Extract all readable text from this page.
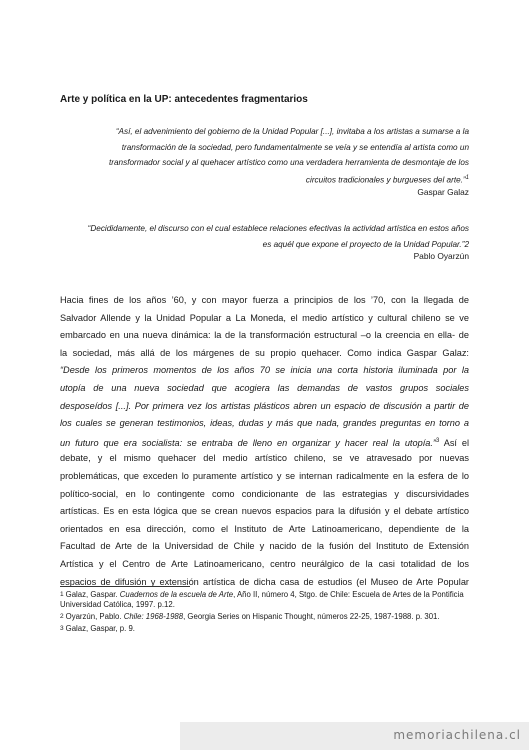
Arte y política en la UP: antecedentes fragmentarios
“Así, el advenimiento del gobierno de la Unidad Popular [...], invitaba a los artistas a sumarse a la
transformación de la sociedad, pero fundamentalmente se veía y se entendía al artista como un
transformador social y al quehacer artístico como una verdadera herramienta de desmontaje de los
circuitos tradicionales y burgueses del arte.”$^1$
Gaspar Galaz
“Decididamente, el discurso con el cual establece relaciones efectivas la actividad artística en estos años
es aquél que expone el proyecto de la Unidad Popular.”2
Pablo Oyarzún
Hacia fines de los años ’60, y con mayor fuerza a principios de los ’70, con la llegada de
Salvador Allende y la Unidad Popular a La Moneda, el medio artístico y cultural chileno se ve
embarcado en una nueva dinámica: la de la transformación estructural –o la creencia en ella- de
la sociedad, más allá de los márgenes de su propio quehacer. Como indica Gaspar Galaz:
“Desde los primeros momentos de los años 70 se inicia una corta historia iluminada por la
utopía de una nueva sociedad que acogiera las demandas de vastos grupos sociales
desposeídos [...]. Por primera vez los artistas plásticos abren un espacio de discusión a partir de
los cuales se generan testimonios, ideas, dudas y más que nada, grandes preguntas en torno a
un futuro que era socialista: se entraba de lleno en organizar y hacer real la utopía.”$^3$ Así el
debate, y el mismo quehacer del medio artístico chileno, se ve atravesado por nuevas
problemáticas, que exceden lo puramente artístico y se internan radicalmente en la esfera de lo
político-social, en lo contingente como condicionante de las estrategias y discursividades
artísticas. Es en esta lógica que se crean nuevos espacios para la difusión y el debate artístico
orientados en esa dirección, como el Instituto de Arte Latinoamericano, dependiente de la
Facultad de Arte de la Universidad de Chile y nacido de la fusión del Instituto de Extensión
Artística y el Centro de Arte Latinoamericano, centro neurálgico de la casi totalidad de los
espacios de difusión y extensión artística de dicha casa de estudios (el Museo de Arte Popular
$^1$ Galaz, Gaspar. Cuadernos de la escuela de Arte, Año II, número 4, Stgo. de Chile: Escuela de Artes de la Pontificia Universidad Católica, 1997. p.12.
$^2$ Oyarzún, Pablo. Chile: 1968-1988, Georgia Series on Hispanic Thought, números 22-25, 1987-1988. p. 301.
$^3$ Galaz, Gaspar, p. 9.
memoriachilena.cl
